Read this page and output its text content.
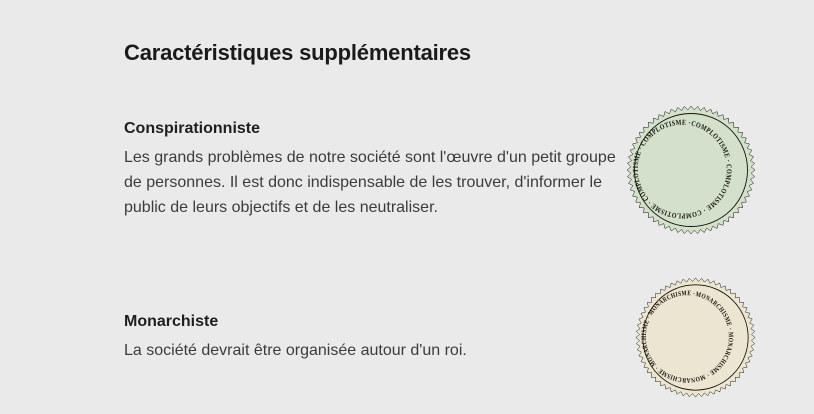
Caractéristiques supplémentaires
Conspirationniste

Les grands problèmes de notre société sont l'œuvre d'un petit groupe de personnes. Il est donc indispensable de les trouver, d'informer le public de leurs objectifs et de les neutraliser.

COMPLOTISME · COMPLOTISME · COMPLOTISME · COMPLOTISME · COMPLOTISME ·
Monarchiste

La société devrait être organisée autour d'un roi.

MONARCHISME · MONARCHISME · MONARCHISME · MONARCHISME · MONARCHISME ·
